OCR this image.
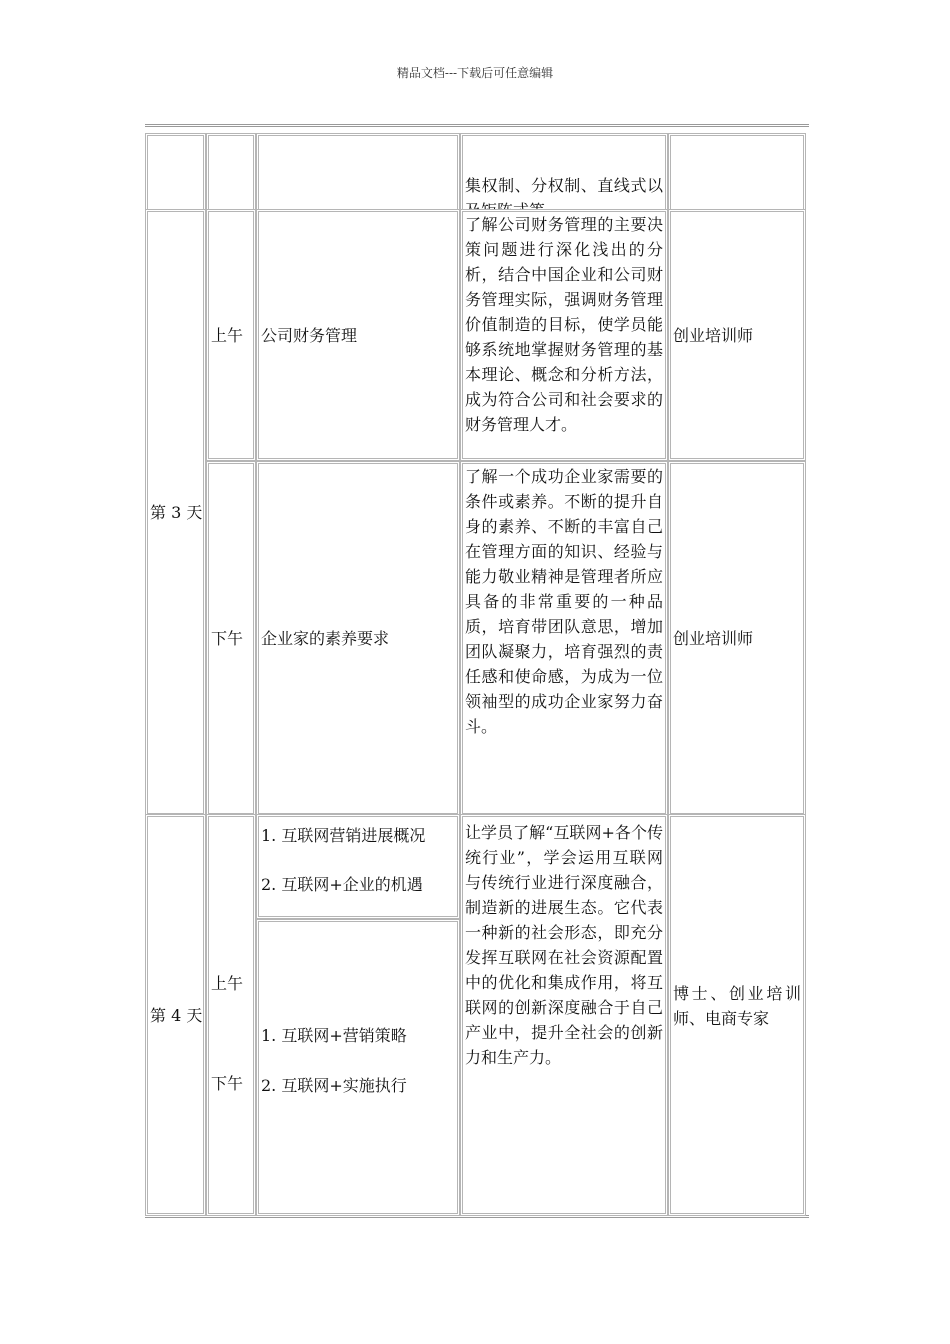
精品文档---下载后可任意编辑
集权制、分权制、直线式以
第 3 天
上午 公司财务管理
了解公司财务管理的主要决策问题进行深化浅出的分析，结合中国企业和公司财务管理实际，强调财务管理价值制造的目标，使学员能够系统地掌握财务管理的基本理论、概念和分析方法，成为符合公司和社会要求的财务管理人才。
创业培训师
下午 企业家的素养要求
了解一个成功企业家需要的条件或素养。不断的提升自身的素养、不断的丰富自己在管理方面的知识、经验与能力敬业精神是管理者所应具备的非常重要的一种品质，培育带团队意思，增加团队凝聚力，培育强烈的责任感和使命感，为成为一位领袖型的成功企业家努力奋斗。
创业培训师
第 4 天
上午
下午
1. 互联网营销进展概况
2. 互联网+企业的机遇
1. 互联网+营销策略
2. 互联网+实施执行
让学员了解“互联网+各个传统行业”，学会运用互联网与传统行业进行深度融合，制造新的进展生态。它代表一种新的社会形态，即充分发挥互联网在社会资源配置中的优化和集成作用，将互联网的创新深度融合于自己产业中，提升全社会的创新力和生产力。
博士、创业培训师、电商专家
